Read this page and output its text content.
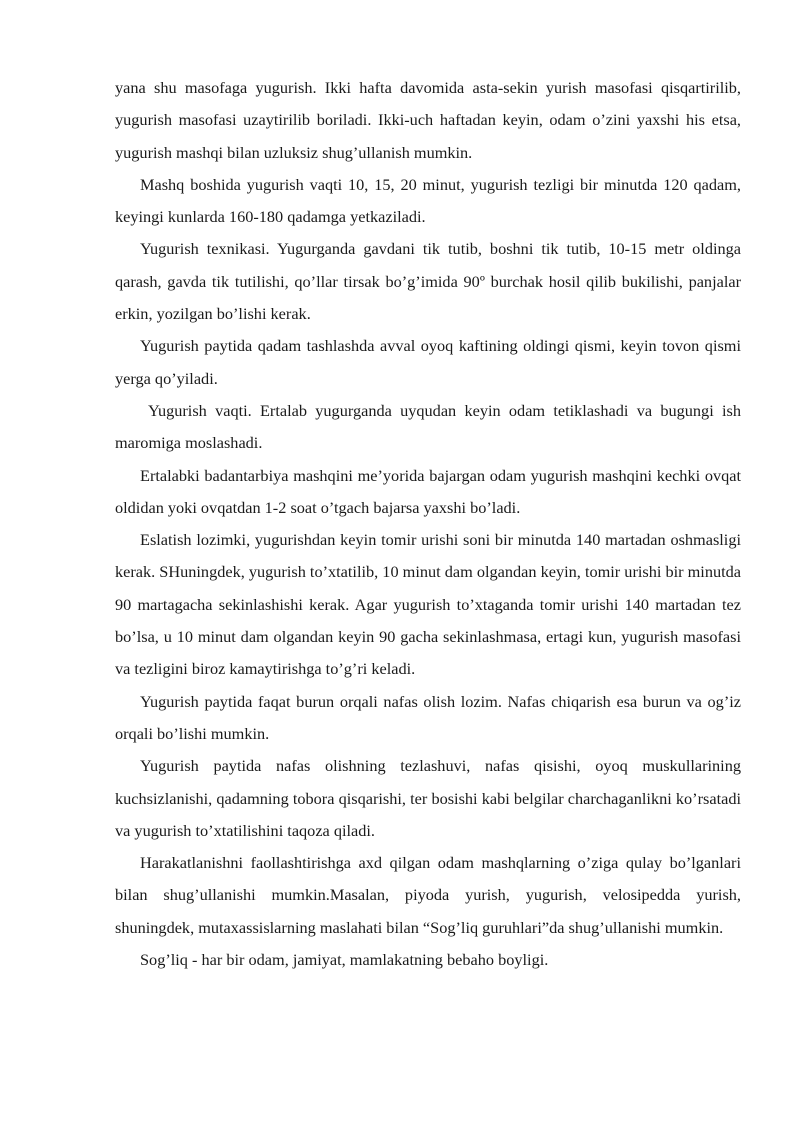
yana shu masofaga yugurish. Ikki hafta davomida asta-sekin yurish masofasi qisqartirilib, yugurish masofasi uzaytirilib boriladi. Ikki-uch haftadan keyin, odam o’zini yaxshi his etsa, yugurish mashqi bilan uzluksiz shug’ullanish mumkin.

Mashq boshida yugurish vaqti 10, 15, 20 minut, yugurish tezligi bir minutda 120 qadam, keyingi kunlarda 160-180 qadamga yetkaziladi.

Yugurish texnikasi. Yugurganda gavdani tik tutib, boshni tik tutib, 10-15 metr oldinga qarash, gavda tik tutilishi, qo’llar tirsak bo’g’imida 90º burchak hosil qilib bukilishi, panjalar erkin, yozilgan bo’lishi kerak.

Yugurish paytida qadam tashlashda avval oyoq kaftining oldingi qismi, keyin tovon qismi yerga qo’yiladi.

Yugurish vaqti. Ertalab yugurganda uyqudan keyin odam tetiklashadi va bugungi ish maromiga moslashadi.

Ertalabki badantarbiya mashqini me’yorida bajargan odam yugurish mashqini kechki ovqat oldidan yoki ovqatdan 1-2 soat o’tgach bajarsa yaxshi bo’ladi.

Eslatish lozimki, yugurishdan keyin tomir urishi soni bir minutda 140 martadan oshmasligi kerak. SHuningdek, yugurish to’xtatilib, 10 minut dam olgandan keyin, tomir urishi bir minutda 90 martagacha sekinlashishi kerak. Agar yugurish to’xtaganda tomir urishi 140 martadan tez bo’lsa, u 10 minut dam olgandan keyin 90 gacha sekinlashmasa, ertagi kun, yugurish masofasi va tezligini biroz kamaytirishga to’g’ri keladi.

Yugurish paytida faqat burun orqali nafas olish lozim. Nafas chiqarish esa burun va og’iz orqali bo’lishi mumkin.

Yugurish paytida nafas olishning tezlashuvi, nafas qisishi, oyoq muskullarining kuchsizlanishi, qadamning tobora qisqarishi, ter bosishi kabi belgilar charchaganlikni ko’rsatadi va yugurish to’xtatilishini taqoza qiladi.

Harakatlanishni faollashtirishga axd qilgan odam mashqlarning o’ziga qulay bo’lganlari bilan shug’ullanishi mumkin.Masalan, piyoda yurish, yugurish, velosipedda yurish, shuningdek, mutaxassislarning maslahati bilan “Sog’liq guruhlari”da shug’ullanishi mumkin.

Sog’liq - har bir odam, jamiyat, mamlakatning bebaho boyligi.
